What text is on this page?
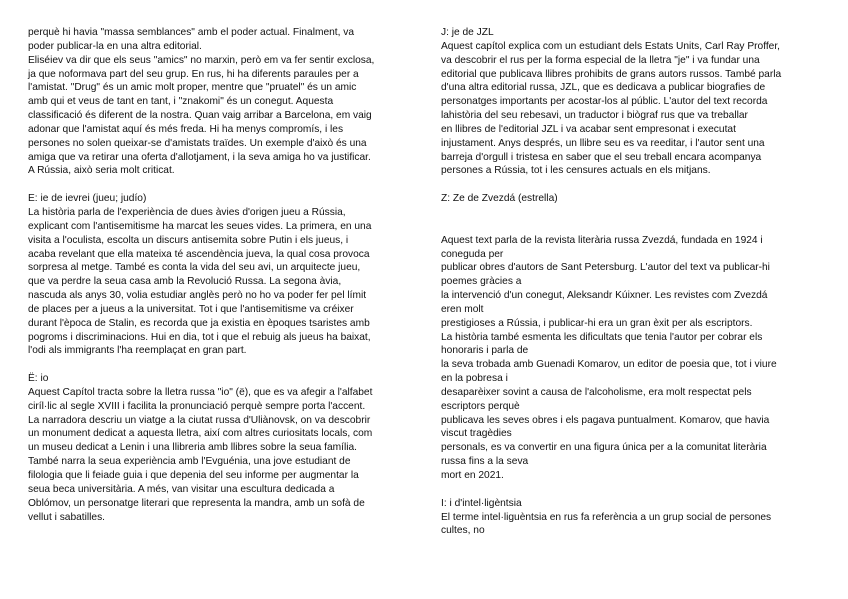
perquè hi havia "massa semblances" amb el poder actual. Finalment, va
poder publicar-la en una altra editorial.
Eliséiev va dir que els seus "amics" no marxin, però em va fer sentir exclosa,
ja que noformava part del seu grup. En rus, hi ha diferents paraules per a
l'amistat. "Drug" és un amic molt proper, mentre que "pruatel" és un amic
amb qui et veus de tant en tant, i "znakomi" és un conegut. Aquesta
classificació és diferent de la nostra. Quan vaig arribar a Barcelona, em vaig
adonar que l'amistat aquí és més freda. Hi ha menys compromís, i les
persones no solen queixar-se d'amistats traïdes. Un exemple d'això és una
amiga que va retirar una oferta d'allotjament, i la seva amiga ho va justificar.
A Rússia, això seria molt criticat.

E: ie de ievrei (jueu; judío)

La història parla de l'experiència de dues àvies d'origen jueu a Rússia,
explicant com l'antisemitisme ha marcat les seues vides. La primera, en una
visita a l'oculista, escolta un discurs antisemita sobre Putin i els jueus, i
acaba revelant que ella mateixa té ascendència jueva, la qual cosa provoca
sorpresa al metge. També es conta la vida del seu avi, un arquitecte jueu,
que va perdre la seua casa amb la Revolució Russa. La segona àvia,
nascuda als anys 30, volia estudiar anglès però no ho va poder fer pel límit
de places per a jueus a la universitat. Tot i que l'antisemitisme va créixer
durant l'època de Stalin, es recorda que ja existia en èpoques tsaristes amb
pogroms i discriminacions. Hui en dia, tot i que el rebuig als jueus ha baixat,
l'odi als immigrants l'ha reemplaçat en gran part.

Ë: io

Aquest Capítol tracta sobre la lletra russa "io" (ë), que es va afegir a l'alfabet
ciríl·lic al segle XVIII i facilita la pronunciació perquè sempre porta l'accent.
La narradora descriu un viatge a la ciutat russa d'Uliànovsk, on va descobrir
un monument dedicat a aquesta lletra, així com altres curiositats locals, com
un museu dedicat a Lenin i una llibreria amb llibres sobre la seua família.
També narra la seua experiència amb l'Evguénia, una jove estudiant de
filologia que li feiade guia i que depenia del seu informe per augmentar la
seua beca universitària. A més, van visitar una escultura dedicada a
Oblómov, un personatge literari que representa la mandra, amb un sofà de
vellut i sabatilles.

J: je de JZL

Aquest capítol explica com un estudiant dels Estats Units, Carl Ray Proffer,
va descobrir el rus per la forma especial de la lletra "je" i va fundar una
editorial que publicava llibres prohibits de grans autors russos. També parla
d'una altra editorial russa, JZL, que es dedicava a publicar biografies de
personatges importants per acostar-los al públic. L'autor del text recorda
lahistòria del seu rebesavi, un traductor i biògraf rus que va treballar
en llibres de l'editorial JZL i va acabar sent empresonat i executat
injustament. Anys després, un llibre seu es va reeditar, i l'autor sent una
barreja d'orgull i tristesa en saber que el seu treball encara acompanya
persones a Rússia, tot i les censures actuals en els mitjans.

Z: Ze de Zvezdá (estrella)

Aquest text parla de la revista literària russa Zvezdá, fundada en 1924 i
coneguda per
publicar obres d'autors de Sant Petersburg. L'autor del text va publicar-hi
poemes gràcies a
la intervenció d'un conegut, Aleksandr Kúixner. Les revistes com Zvezdá
eren molt
prestigioses a Rússia, i publicar-hi era un gran èxit per als escriptors.
La història també esmenta les dificultats que tenia l'autor per cobrar els
honoraris i parla de
la seva trobada amb Guenadi Komarov, un editor de poesia que, tot i viure
en la pobresa i
desaparèixer sovint a causa de l'alcoholisme, era molt respectat pels
escriptors perquè
publicava les seves obres i els pagava puntualment. Komarov, que havia
viscut tragèdies
personals, es va convertir en una figura única per a la comunitat literària
russa fins a la seva
mort en 2021.

I: i d'intel·ligèntsia

El terme intel·liguèntsia en rus fa referència a un grup social de persones
cultes, no
